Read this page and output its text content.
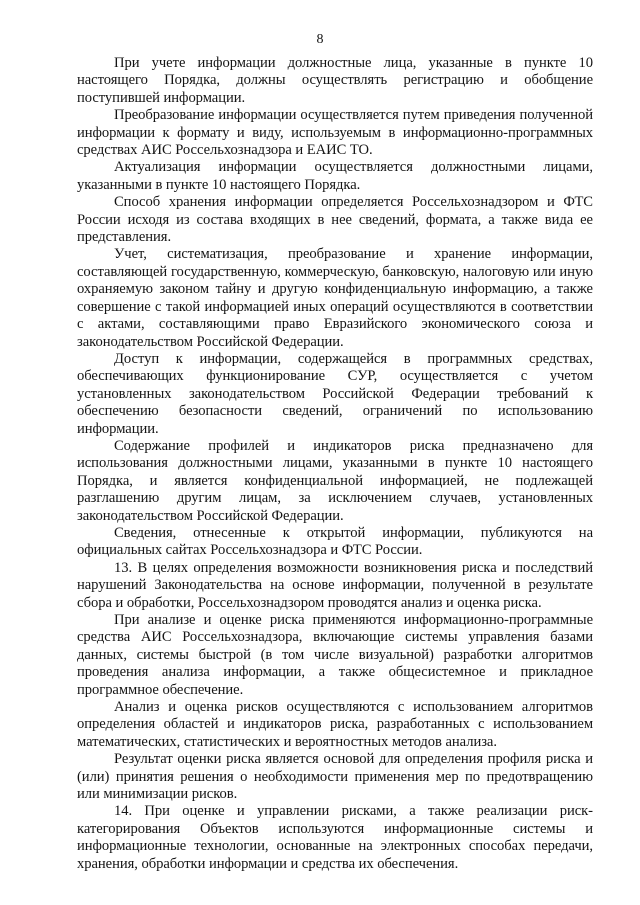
8

При учете информации должностные лица, указанные в пункте 10 настоящего Порядка, должны осуществлять регистрацию и обобщение поступившей информации.

Преобразование информации осуществляется путем приведения полученной информации к формату и виду, используемым в информационно-программных средствах АИС Россельхознадзора и ЕАИС ТО.

Актуализация информации осуществляется должностными лицами, указанными в пункте 10 настоящего Порядка.

Способ хранения информации определяется Россельхознадзором и ФТС России исходя из состава входящих в нее сведений, формата, а также вида ее представления.

Учет, систематизация, преобразование и хранение информации, составляющей государственную, коммерческую, банковскую, налоговую или иную охраняемую законом тайну и другую конфиденциальную информацию, а также совершение с такой информацией иных операций осуществляются в соответствии с актами, составляющими право Евразийского экономического союза и законодательством Российской Федерации.

Доступ к информации, содержащейся в программных средствах, обеспечивающих функционирование СУР, осуществляется с учетом установленных законодательством Российской Федерации требований к обеспечению безопасности сведений, ограничений по использованию информации.

Содержание профилей и индикаторов риска предназначено для использования должностными лицами, указанными в пункте 10 настоящего Порядка, и является конфиденциальной информацией, не подлежащей разглашению другим лицам, за исключением случаев, установленных законодательством Российской Федерации.

Сведения, отнесенные к открытой информации, публикуются на официальных сайтах Россельхознадзора и ФТС России.

13. В целях определения возможности возникновения риска и последствий нарушений Законодательства на основе информации, полученной в результате сбора и обработки, Россельхознадзором проводятся анализ и оценка риска.

При анализе и оценке риска применяются информационно-программные средства АИС Россельхознадзора, включающие системы управления базами данных, системы быстрой (в том числе визуальной) разработки алгоритмов проведения анализа информации, а также общесистемное и прикладное программное обеспечение.

Анализ и оценка рисков осуществляются с использованием алгоритмов определения областей и индикаторов риска, разработанных с использованием математических, статистических и вероятностных методов анализа.

Результат оценки риска является основой для определения профиля риска и (или) принятия решения о необходимости применения мер по предотвращению или минимизации рисков.

14. При оценке и управлении рисками, а также реализации риск-категорирования Объектов используются информационные системы и информационные технологии, основанные на электронных способах передачи, хранения, обработки информации и средства их обеспечения.
